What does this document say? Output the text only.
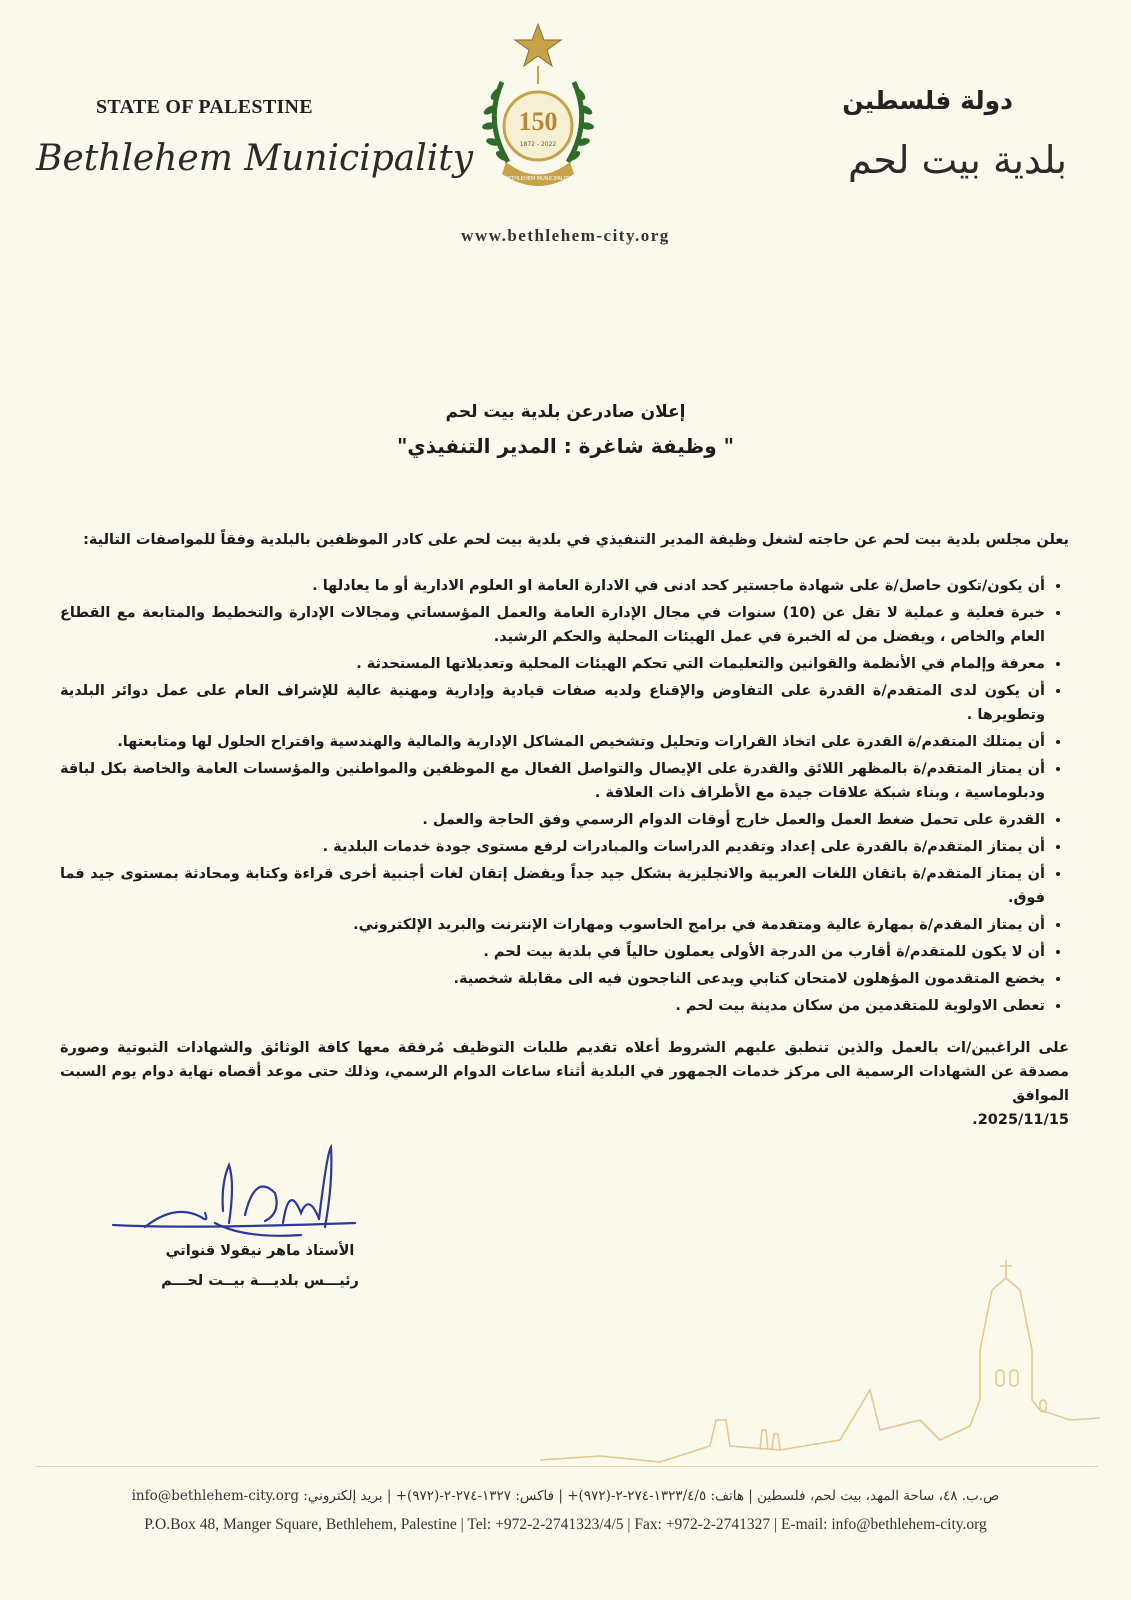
STATE OF PALESTINE
Bethlehem Municipality
دولة فلسطين
بلدية بيت لحم
150
1872 - 2022
BETHLEHEM MUNICIPALITY
بلدية بيت لحم
www.bethlehem-city.org
إعلان صادرعن بلدية بيت لحم
" وظيفة شاغرة : المدير التنفيذي"

يعلن مجلس بلدية بيت لحم عن حاجته لشغل وظيفة المدير التنفيذي في بلدية بيت لحم على كادر الموظفين بالبلدية وفقاً للمواصفات التالية:

• أن يكون/تكون حاصل/ة على شهادة ماجستير كحد ادنى في الادارة العامة او العلوم الادارية أو ما يعادلها .
• خبرة فعلية و عملية لا تقل عن (10) سنوات في مجال الإدارة العامة والعمل المؤسساتي ومجالات الإدارة والتخطيط والمتابعة مع القطاع العام والخاص ، ويفضل من له الخبرة في عمل الهيئات المحلية والحكم الرشيد.
• معرفة وإلمام في الأنظمة والقوانين والتعليمات التي تحكم الهيئات المحلية وتعديلاتها المستحدثة .
• أن يكون لدى المتقدم/ة القدرة على التفاوض والإقناع ولديه صفات قيادية وإدارية ومهنية عالية للإشراف العام على عمل دوائر البلدية وتطويرها .
• أن يمتلك المتقدم/ة القدرة على اتخاذ القرارات وتحليل وتشخيص المشاكل الإدارية والمالية والهندسية واقتراح الحلول لها ومتابعتها.
• أن يمتاز المتقدم/ة بالمظهر اللائق والقدرة على الإيصال والتواصل الفعال مع الموظفين والمواطنين والمؤسسات العامة والخاصة بكل لباقة ودبلوماسية ، وبناء شبكة علاقات جيدة مع الأطراف ذات العلاقة .
• القدرة على تحمل ضغط العمل والعمل خارج أوقات الدوام الرسمي وفق الحاجة والعمل .
• أن يمتاز المتقدم/ة بالقدرة على إعداد وتقديم الدراسات والمبادرات لرفع مستوى جودة خدمات البلدية .
• أن يمتاز المتقدم/ة باتقان اللغات العربية والانجليزية بشكل جيد جداً ويفضل إتقان لغات أجنبية أخرى قراءة وكتابة ومحادثة بمستوى جيد فما فوق.
• أن يمتاز المقدم/ة بمهارة عالية ومتقدمة في برامج الحاسوب ومهارات الإنترنت والبريد الإلكتروني.
• أن لا يكون للمتقدم/ة أقارب من الدرجة الأولى يعملون حالياً في بلدية بيت لحم .
• يخضع المتقدمون المؤهلون لامتحان كتابي ويدعى الناجحون فيه الى مقابلة شخصية.
• تعطى الاولوية للمتقدمين من سكان مدينة بيت لحم .

على الراغبين/ات بالعمل والذين تنطبق عليهم الشروط أعلاه تقديم طلبات التوظيف مُرفقة معها كافة الوثائق والشهادات الثبوتية وصورة مصدقة عن الشهادات الرسمية الى مركز خدمات الجمهور في البلدية أثناء ساعات الدوام الرسمي، وذلك حتى موعد أقصاه نهاية دوام يوم السبت الموافق
2025/11/15.

الأستاذ ماهر نيقولا قنواتي
رئيـــس بلديـــة بيــت لحـــم
ص.ب. ٤٨، ساحة المهد، بيت لحم، فلسطين | هاتف: ١٣٢٣/٤/٥-٢٧٤-٢-(٩٧٢)+ | فاكس: ١٣٢٧-٢٧٤-٢-(٩٧٢)+ | بريد إلكتروني: info@bethlehem-city.org
P.O.Box 48, Manger Square, Bethlehem, Palestine | Tel: +972-2-2741323/4/5 | Fax: +972-2-2741327 | E-mail: info@bethlehem-city.org
